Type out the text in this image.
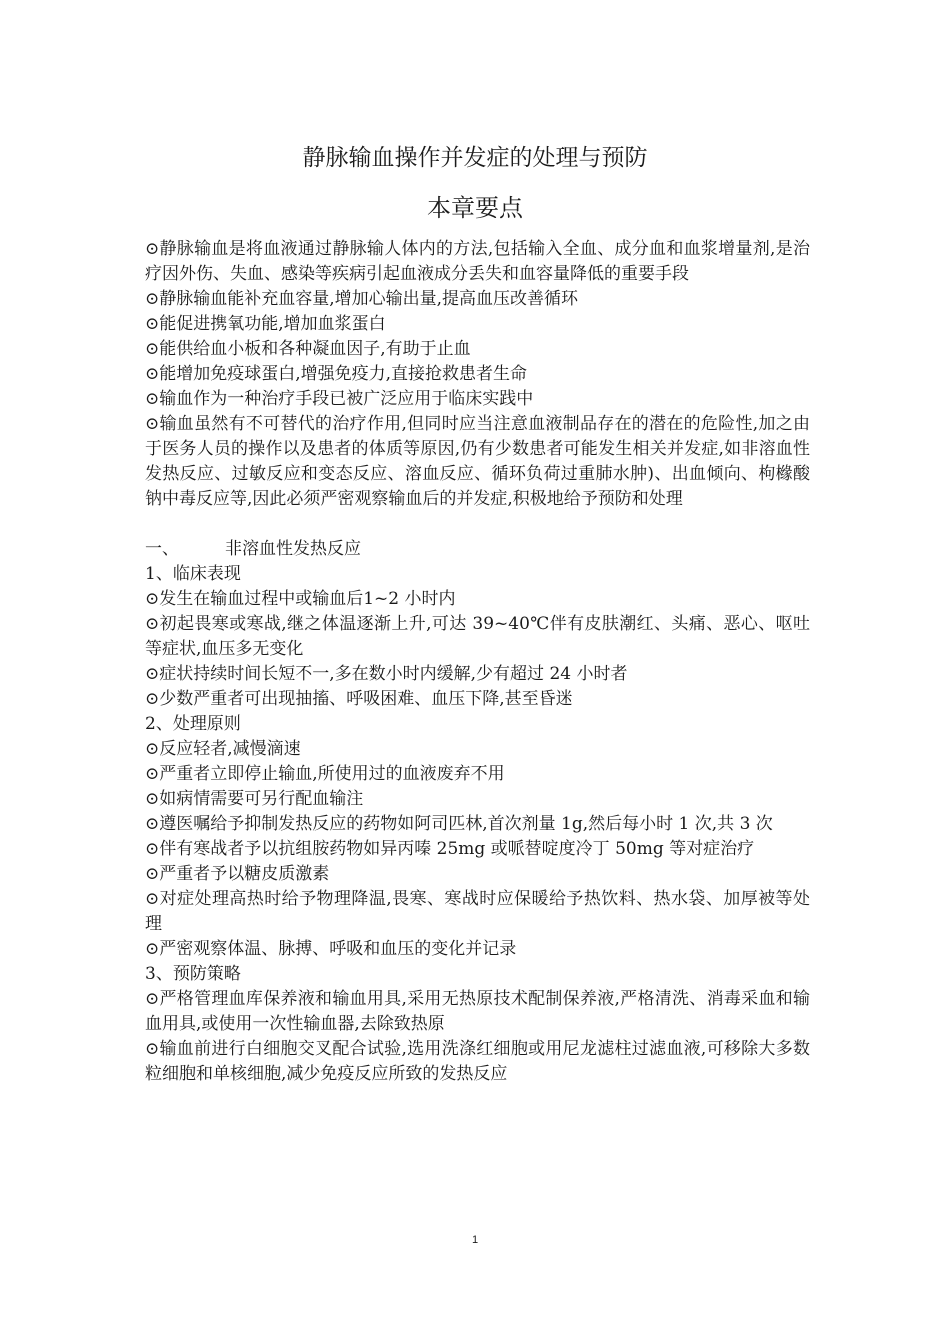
静脉输血操作并发症的处理与预防
本章要点

⊙静脉输血是将血液通过静脉输人体内的方法,包括输入全血、成分血和血浆增量剂,是治疗因外伤、失血、感染等疾病引起血液成分丢失和血容量降低的重要手段

⊙静脉输血能补充血容量,增加心输出量,提高血压改善循环

⊙能促进携氧功能,增加血浆蛋白

⊙能供给血小板和各种凝血因子,有助于止血

⊙能增加免疫球蛋白,增强免疫力,直接抢救患者生命

⊙输血作为一种治疗手段已被广泛应用于临床实践中

⊙输血虽然有不可替代的治疗作用,但同时应当注意血液制品存在的潜在的危险性,加之由于医务人员的操作以及患者的体质等原因,仍有少数患者可能发生相关并发症,如非溶血性发热反应、过敏反应和变态反应、溶血反应、循环负荷过重肺水肿)、出血倾向、枸橼酸钠中毒反应等,因此必须严密观察输血后的并发症,积极地给予预防和处理

一、	非溶血性发热反应

1、临床表现

⊙发生在输血过程中或输血后1~2 小时内

⊙初起畏寒或寒战,继之体温逐渐上升,可达 39~40℃伴有皮肤潮红、头痛、恶心、呕吐等症状,血压多无变化

⊙症状持续时间长短不一,多在数小时内缓解,少有超过 24 小时者

⊙少数严重者可出现抽搐、呼吸困难、血压下降,甚至昏迷

2、处理原则

⊙反应轻者,减慢滴速

⊙严重者立即停止输血,所使用过的血液废弃不用

⊙如病情需要可另行配血输注

⊙遵医嘱给予抑制发热反应的药物如阿司匹林,首次剂量 1g,然后每小时 1 次,共 3 次

⊙伴有寒战者予以抗组胺药物如异丙嗪 25mg 或哌替啶度冷丁 50mg 等对症治疗

⊙严重者予以糖皮质激素

⊙对症处理高热时给予物理降温,畏寒、寒战时应保暖给予热饮料、热水袋、加厚被等处理

⊙严密观察体温、脉搏、呼吸和血压的变化并记录

3、预防策略

⊙严格管理血库保养液和输血用具,采用无热原技术配制保养液,严格清洗、消毒采血和输血用具,或使用一次性输血器,去除致热原

⊙输血前进行白细胞交叉配合试验,选用洗涤红细胞或用尼龙滤柱过滤血液,可移除大多数粒细胞和单核细胞,减少免疫反应所致的发热反应

1
